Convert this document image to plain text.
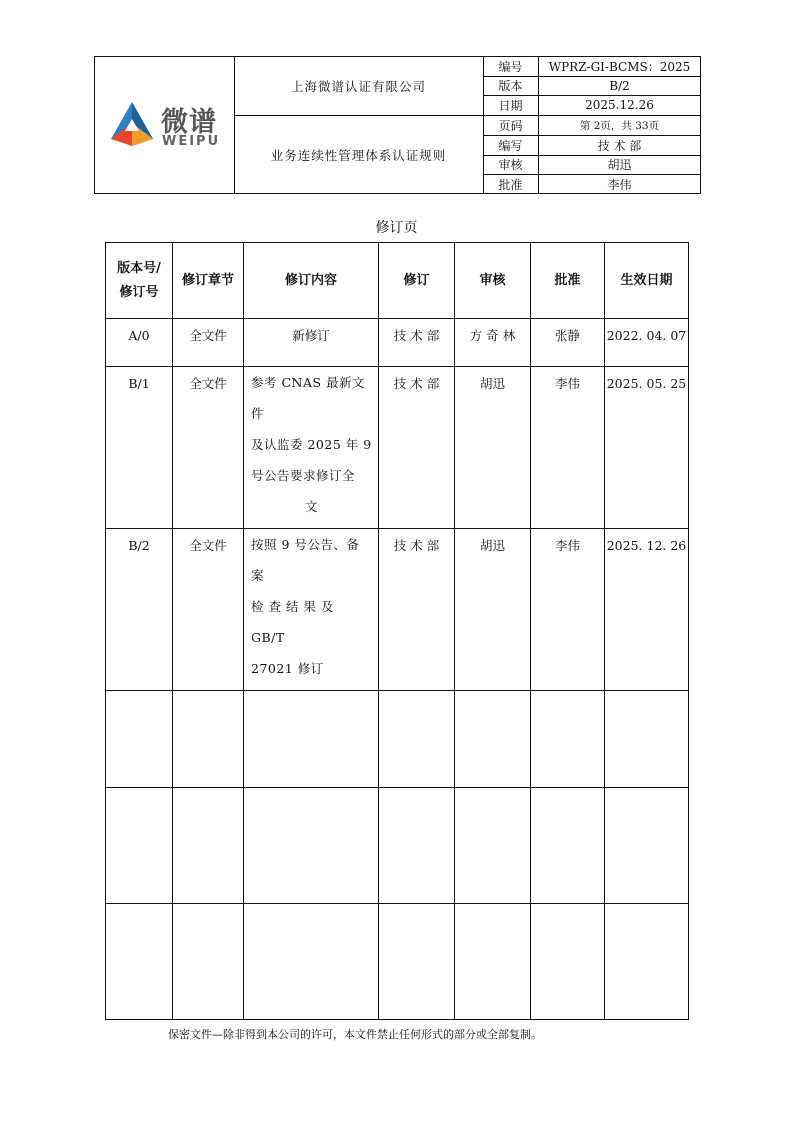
微谱
WEIPU
上海微谱认证有限公司
业务连续性管理体系认证规则
编号	WPRZ-GI-BCMS：2025
版本	B/2
日期	2025.12.26
页码	第 2页，共 33页
编写	技 术 部
审核	胡迅
批准	李伟
修订页
版本号/
修订号	修订章节	修订内容	修订	审核	批准	生效日期
A/0	全文件	新修订	技 术 部	方 奇 林	张静	2022. 04. 07
B/1	全文件	参考 CNAS 最新文件
及认监委 2025 年 9
号公告要求修订全
文	技 术 部	胡迅	李伟	2025. 05. 25
B/2	全文件	按照 9 号公告、备案
检 查 结 果 及 GB/T
27021 修订	技 术 部	胡迅	李伟	2025. 12. 26

保密文件—除非得到本公司的许可，本文件禁止任何形式的部分或全部复制。
